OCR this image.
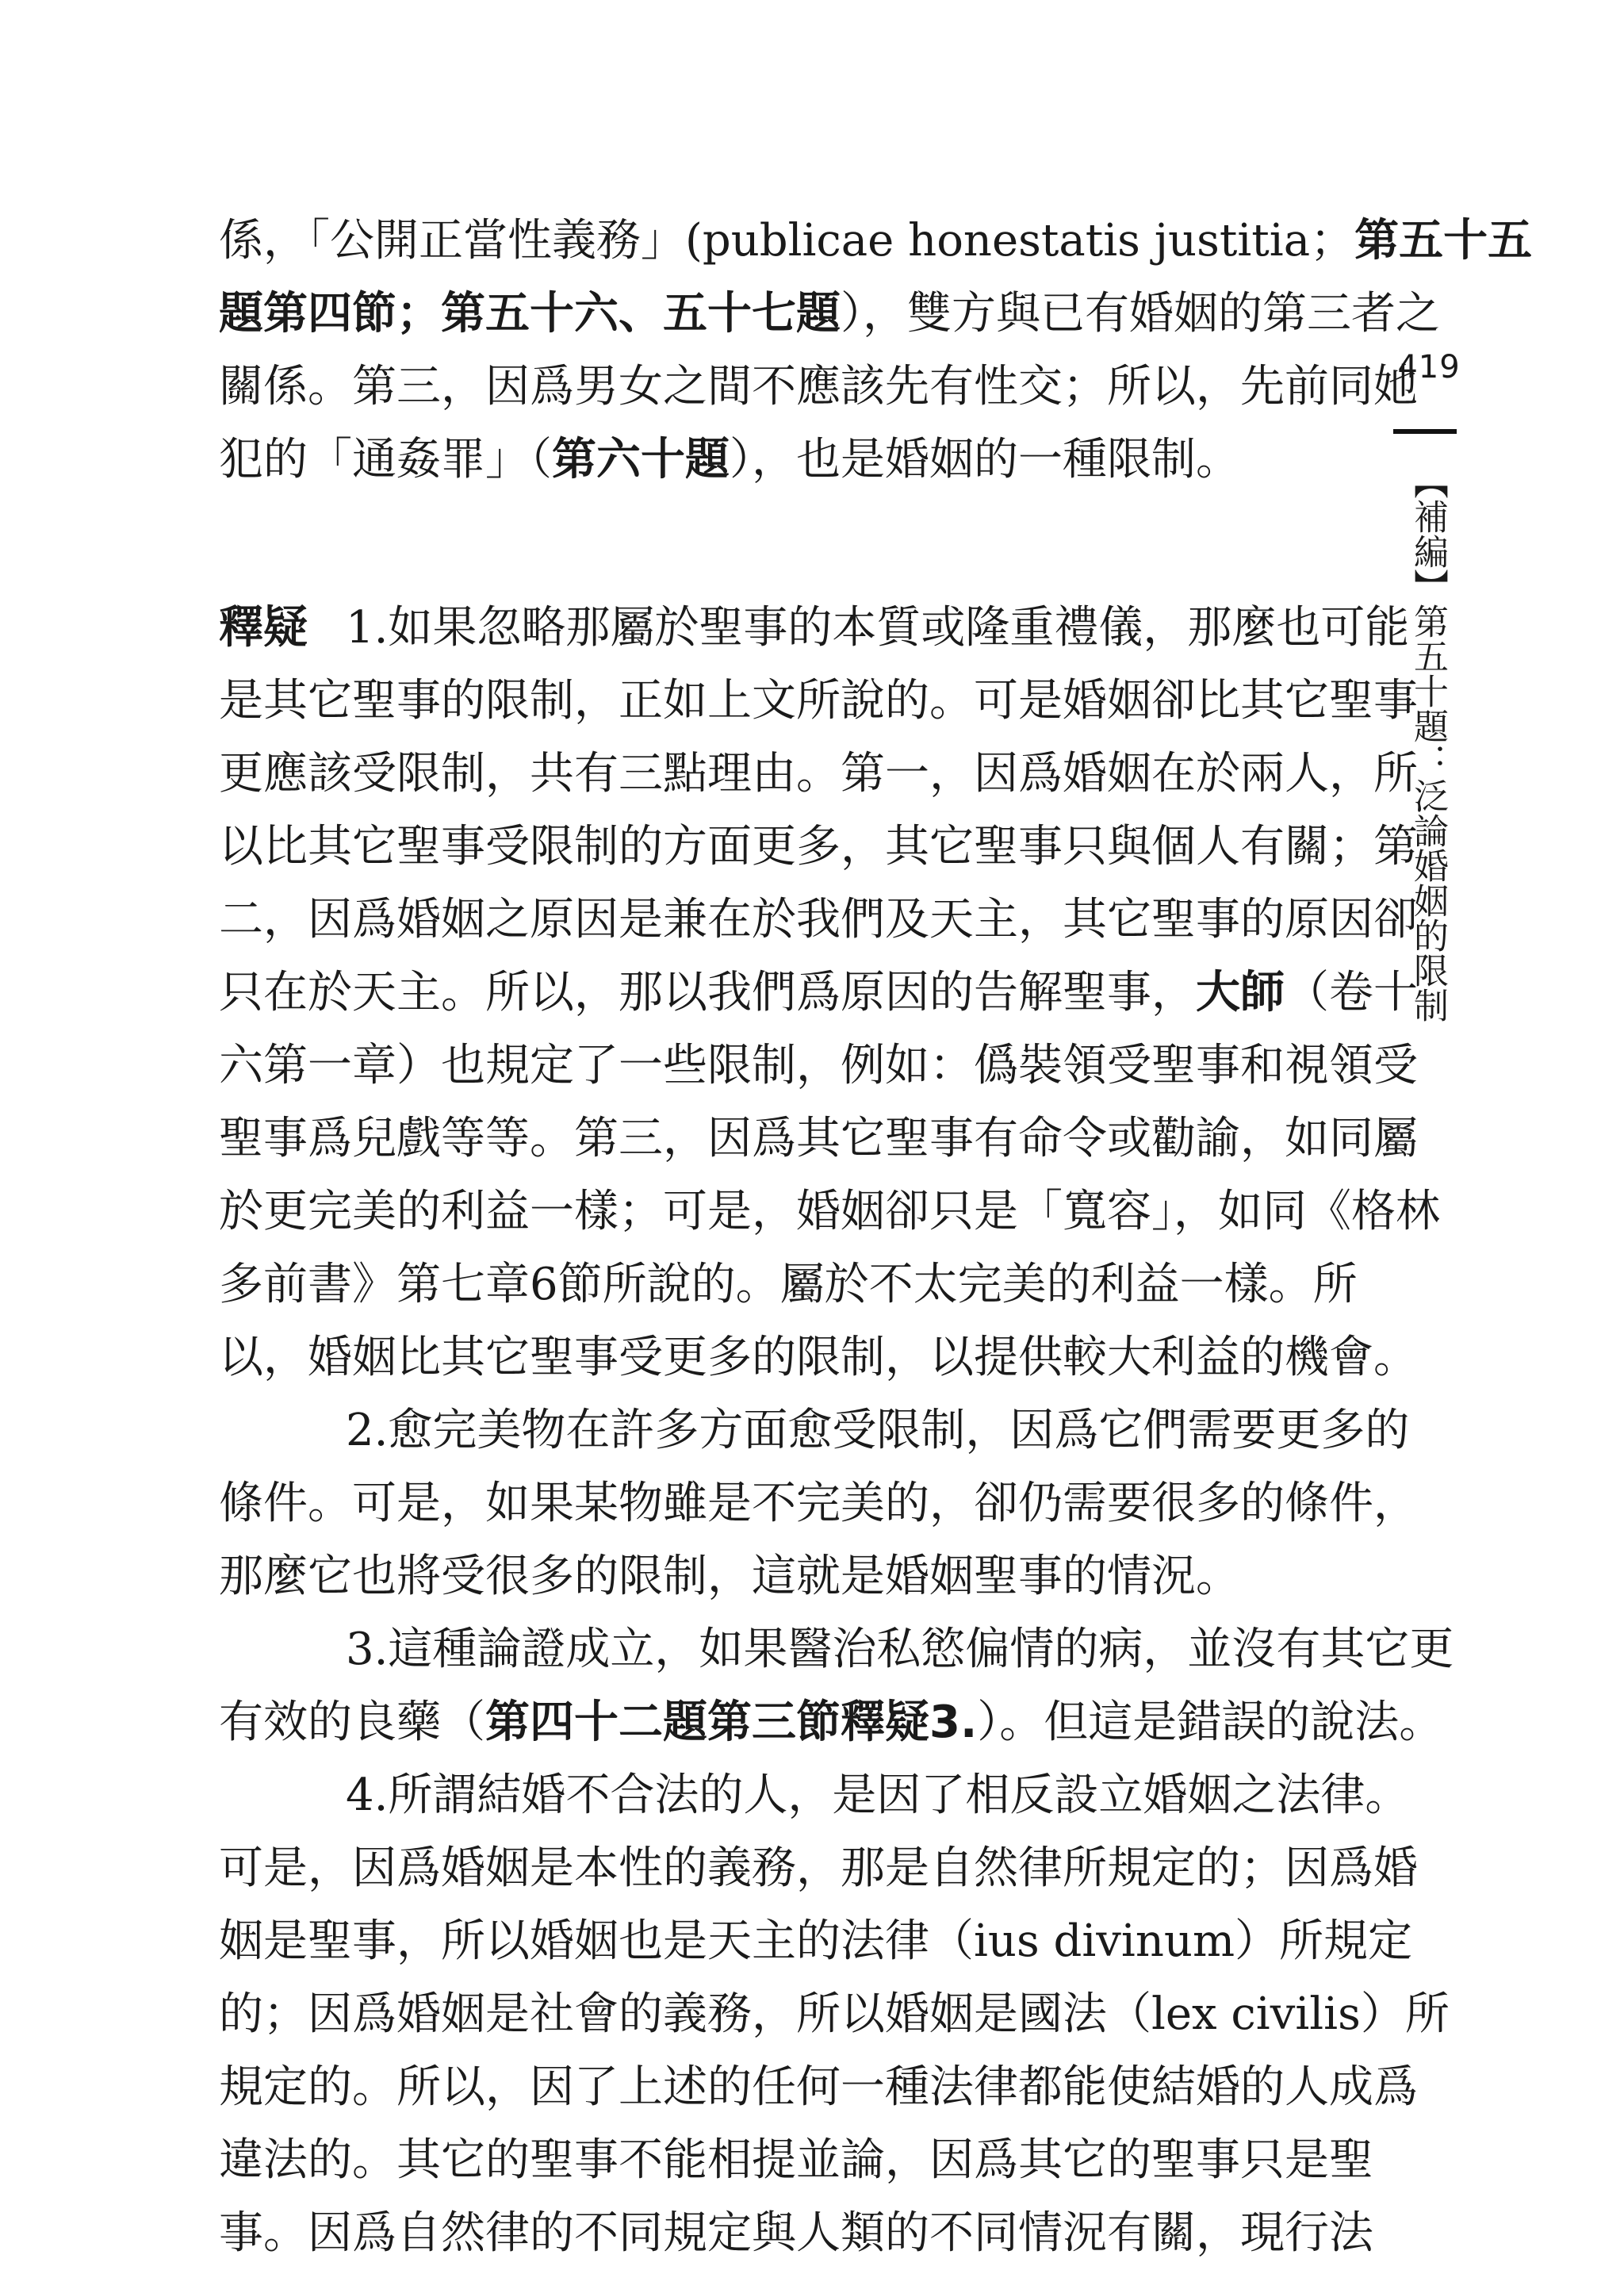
419
【補編】第五十題：泛論婚姻的限制
係，「公開正當性義務」(publicae honestatis justitia；第五十五
題第四節；第五十六、五十七題），雙方與已有婚姻的第三者之
關係。第三，因爲男女之間不應該先有性交；所以，先前同她
犯的「通姦罪」（第六十題），也是婚姻的一種限制。
釋疑 1.如果忽略那屬於聖事的本質或隆重禮儀，那麼也可能
是其它聖事的限制，正如上文所說的。可是婚姻卻比其它聖事
更應該受限制，共有三點理由。第一，因爲婚姻在於兩人，所
以比其它聖事受限制的方面更多，其它聖事只與個人有關；第
二，因爲婚姻之原因是兼在於我們及天主，其它聖事的原因卻
只在於天主。所以，那以我們爲原因的告解聖事，大師（卷十
六第一章）也規定了一些限制，例如：僞裝領受聖事和視領受
聖事爲兒戲等等。第三，因爲其它聖事有命令或勸諭，如同屬
於更完美的利益一樣；可是，婚姻卻只是「寬容」，如同《格林
多前書》第七章6節所說的。屬於不太完美的利益一樣。所
以，婚姻比其它聖事受更多的限制，以提供較大利益的機會。
2.愈完美物在許多方面愈受限制，因爲它們需要更多的
條件。可是，如果某物雖是不完美的，卻仍需要很多的條件，
那麼它也將受很多的限制，這就是婚姻聖事的情況。
3.這種論證成立，如果醫治私慾偏情的病，並沒有其它更
有效的良藥（第四十二題第三節釋疑3.）。但這是錯誤的說法。
4.所謂結婚不合法的人，是因了相反設立婚姻之法律。
可是，因爲婚姻是本性的義務，那是自然律所規定的；因爲婚
姻是聖事，所以婚姻也是天主的法律（ius divinum）所規定
的；因爲婚姻是社會的義務，所以婚姻是國法（lex civilis）所
規定的。所以，因了上述的任何一種法律都能使結婚的人成爲
違法的。其它的聖事不能相提並論，因爲其它的聖事只是聖
事。因爲自然律的不同規定與人類的不同情況有關，現行法
